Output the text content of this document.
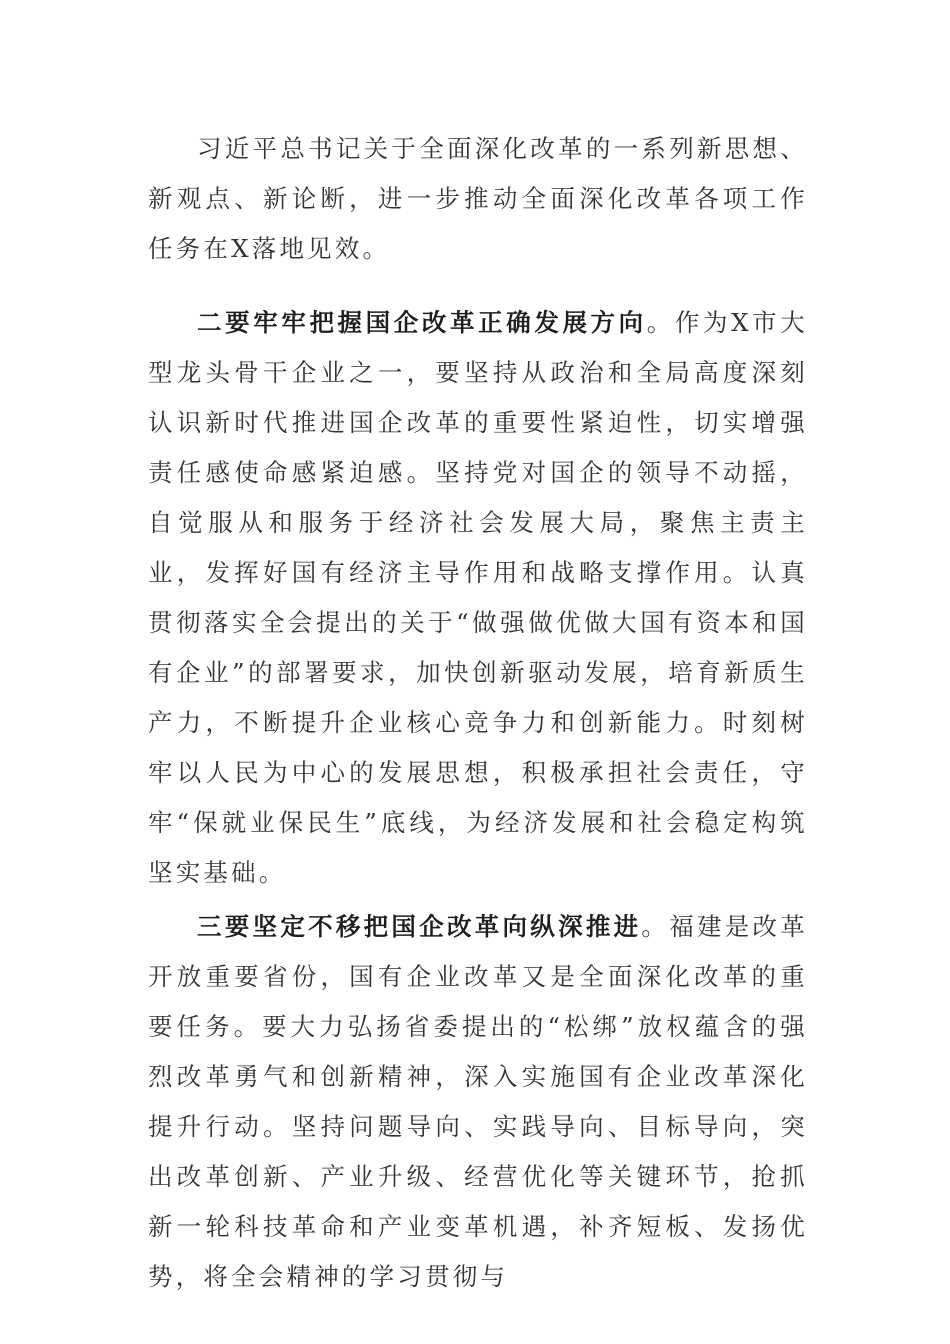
习近平总书记关于全面深化改革的一系列新思想、新观点、新论断，进一步推动全面深化改革各项工作任务在X落地见效。

二要牢牢把握国企改革正确发展方向。作为X市大型龙头骨干企业之一，要坚持从政治和全局高度深刻认识新时代推进国企改革的重要性紧迫性，切实增强责任感使命感紧迫感。坚持党对国企的领导不动摇，自觉服从和服务于经济社会发展大局，聚焦主责主业，发挥好国有经济主导作用和战略支撑作用。认真贯彻落实全会提出的关于“做强做优做大国有资本和国有企业”的部署要求，加快创新驱动发展，培育新质生产力，不断提升企业核心竞争力和创新能力。时刻树牢以人民为中心的发展思想，积极承担社会责任，守牢“保就业保民生”底线，为经济发展和社会稳定构筑坚实基础。

三要坚定不移把国企改革向纵深推进。福建是改革开放重要省份，国有企业改革又是全面深化改革的重要任务。要大力弘扬省委提出的“松绑”放权蕴含的强烈改革勇气和创新精神，深入实施国有企业改革深化提升行动。坚持问题导向、实践导向、目标导向，突出改革创新、产业升级、经营优化等关键环节，抢抓新一轮科技革命和产业变革机遇，补齐短板、发扬优势，将全会精神的学习贯彻与
